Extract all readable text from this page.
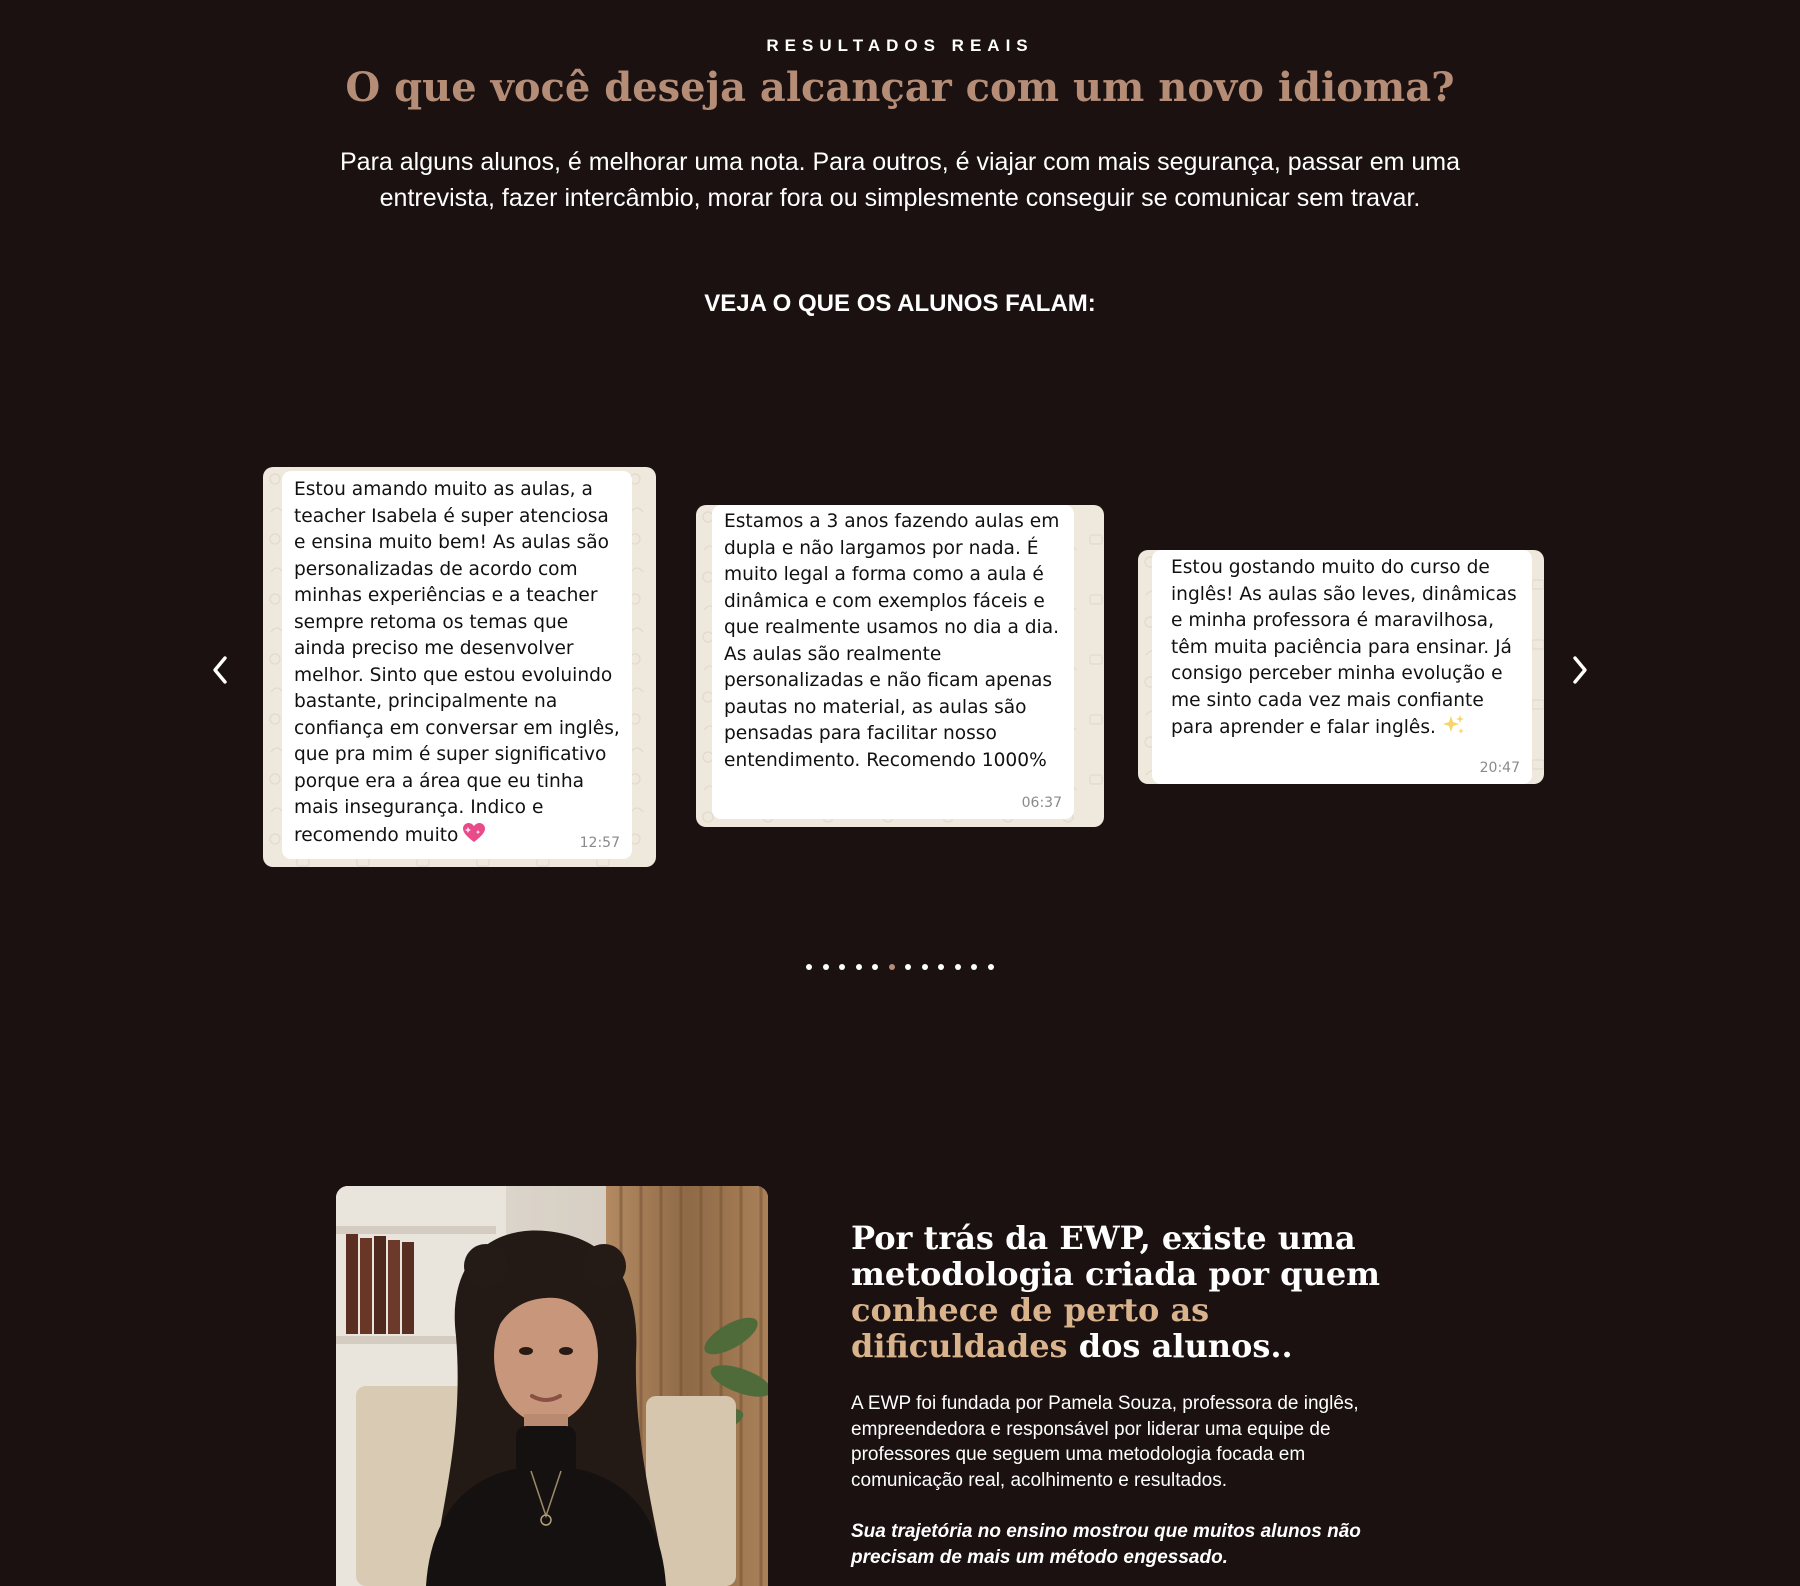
RESULTADOS REAIS
O que você deseja alcançar com um novo idioma?

Para alguns alunos, é melhorar uma nota. Para outros, é viajar com mais segurança, passar em uma entrevista, fazer intercâmbio, morar fora ou simplesmente conseguir se comunicar sem travar.

VEJA O QUE OS ALUNOS FALAM:
Estou amando muito as aulas, a teacher Isabela é super atenciosa e ensina muito bem! As aulas são personalizadas de acordo com minhas experiências e a teacher sempre retoma os temas que ainda preciso me desenvolver melhor. Sinto que estou evoluindo bastante, principalmente na confiança em conversar em inglês, que pra mim é super significativo porque era a área que eu tinha mais insegurança. Indico e recomendo muito	12:57
Estamos a 3 anos fazendo aulas em dupla e não largamos por nada. É muito legal a forma como a aula é dinâmica e com exemplos fáceis e que realmente usamos no dia a dia. As aulas são realmente personalizadas e não ficam apenas pautas no material, as aulas são pensadas para facilitar nosso entendimento. Recomendo 1000%
06:37
Estou gostando muito do curso de inglês! As aulas são leves, dinâmicas e minha professora é maravilhosa, têm muita paciência para ensinar. Já consigo perceber minha evolução e me sinto cada vez mais confiante para aprender e falar inglês.
20:47
Por trás da EWP, existe uma metodologia criada por quem conhece de perto as dificuldades dos alunos..

A EWP foi fundada por Pamela Souza, professora de inglês, empreendedora e responsável por liderar uma equipe de professores que seguem uma metodologia focada em comunicação real, acolhimento e resultados.

Sua trajetória no ensino mostrou que muitos alunos não precisam de mais um método engessado.
